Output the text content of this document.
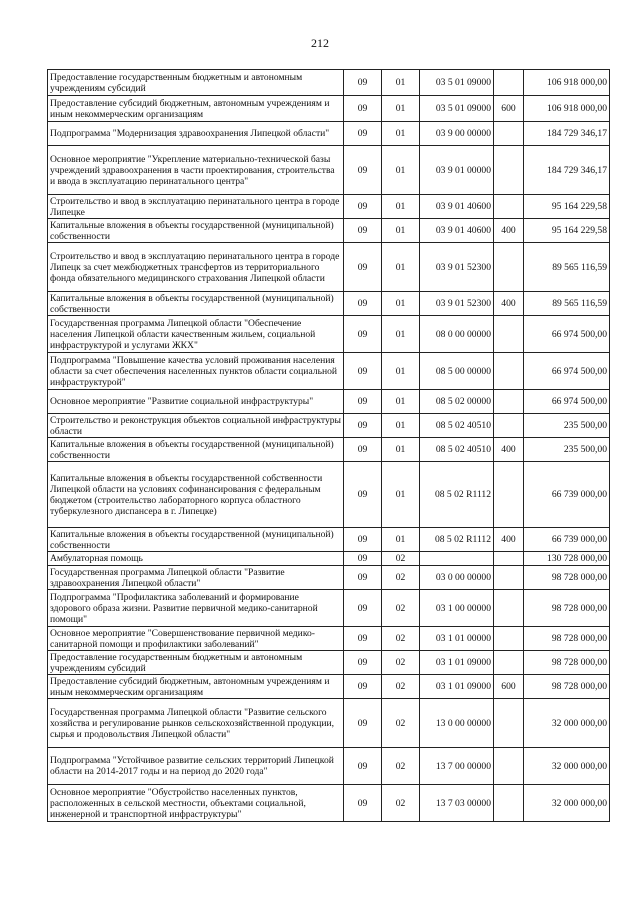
212
Предоставление государственным бюджетным и автономным учреждениям субсидий	09	01	03 5 01 09000		106 918 000,00
Предоставление субсидий бюджетным, автономным учреждениям и иным некоммерческим организациям	09	01	03 5 01 09000	600	106 918 000,00
Подпрограмма "Модернизация здравоохранения Липецкой области"	09	01	03 9 00 00000		184 729 346,17
Основное мероприятие "Укрепление материально-технической базы учреждений здравоохранения в части проектирования, строительства и ввода в эксплуатацию перинатального центра"	09	01	03 9 01 00000		184 729 346,17
Строительство и ввод в эксплуатацию перинатального центра в городе Липецке	09	01	03 9 01 40600		95 164 229,58
Капитальные вложения в объекты государственной (муниципальной) собственности	09	01	03 9 01 40600	400	95 164 229,58
Строительство и ввод в эксплуатацию перинатального центра в городе Липецк за счет межбюджетных трансфертов из территориального фонда обязательного медицинского страхования Липецкой области	09	01	03 9 01 52300		89 565 116,59
Капитальные вложения в объекты государственной (муниципальной) собственности	09	01	03 9 01 52300	400	89 565 116,59
Государственная программа Липецкой области "Обеспечение населения Липецкой области качественным жильем, социальной инфраструктурой и услугами ЖКХ"	09	01	08 0 00 00000		66 974 500,00
Подпрограмма "Повышение качества условий проживания населения области за счет обеспечения населенных пунктов области социальной инфраструктурой"	09	01	08 5 00 00000		66 974 500,00
Основное мероприятие "Развитие социальной инфраструктуры"	09	01	08 5 02 00000		66 974 500,00
Строительство и реконструкция объектов социальной инфраструктуры области	09	01	08 5 02 40510		235 500,00
Капитальные вложения в объекты государственной (муниципальной) собственности	09	01	08 5 02 40510	400	235 500,00
Капитальные вложения в объекты государственной собственности Липецкой области на условиях софинансирования с федеральным бюджетом (строительство лабораторного корпуса областного туберкулезного диспансера в г. Липецке)	09	01	08 5 02 R1112		66 739 000,00
Капитальные вложения в объекты государственной (муниципальной) собственности	09	01	08 5 02 R1112	400	66 739 000,00
Амбулаторная помощь	09	02			130 728 000,00
Государственная программа Липецкой области "Развитие здравоохранения Липецкой области"	09	02	03 0 00 00000		98 728 000,00
Подпрограмма "Профилактика заболеваний и формирование здорового образа жизни. Развитие первичной медико-санитарной помощи"	09	02	03 1 00 00000		98 728 000,00
Основное мероприятие "Совершенствование первичной медико-санитарной помощи и профилактики заболеваний"	09	02	03 1 01 00000		98 728 000,00
Предоставление государственным бюджетным и автономным учреждениям субсидий	09	02	03 1 01 09000		98 728 000,00
Предоставление субсидий бюджетным, автономным учреждениям и иным некоммерческим организациям	09	02	03 1 01 09000	600	98 728 000,00
Государственная программа Липецкой области "Развитие сельского хозяйства и регулирование рынков сельскохозяйственной продукции, сырья и продовольствия Липецкой области"	09	02	13 0 00 00000		32 000 000,00
Подпрограмма "Устойчивое развитие сельских территорий Липецкой области на 2014-2017 годы и на период до 2020 года"	09	02	13 7 00 00000		32 000 000,00
Основное мероприятие "Обустройство населенных пунктов, расположенных в сельской местности, объектами социальной, инженерной и транспортной инфраструктуры"	09	02	13 7 03 00000		32 000 000,00
